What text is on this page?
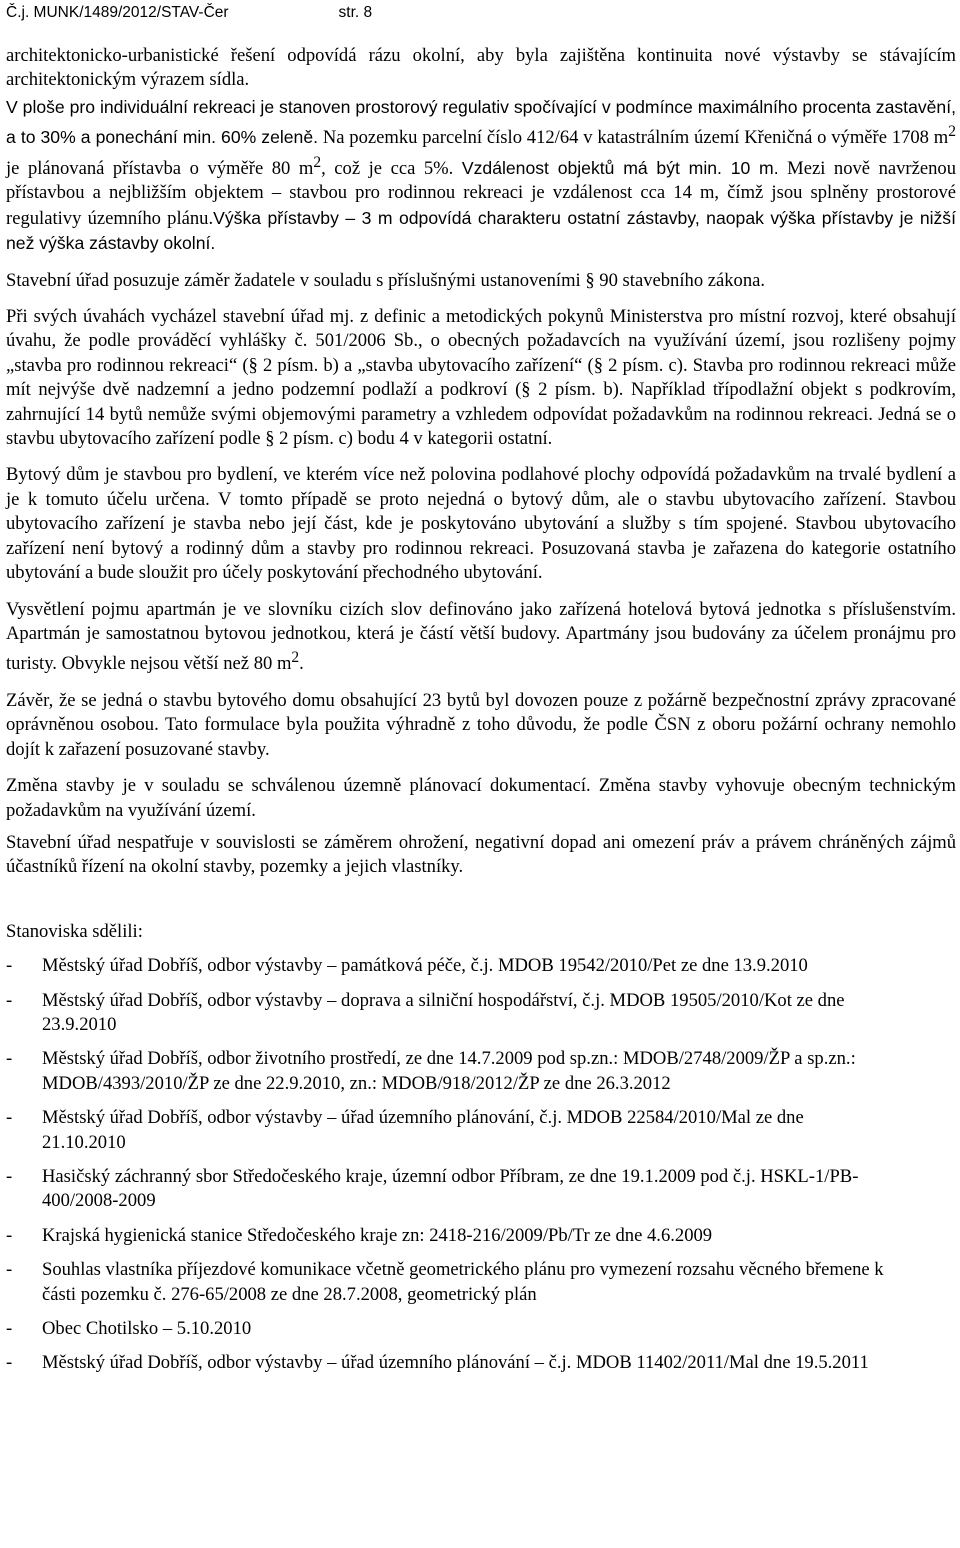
Č.j. MUNK/1489/2012/STAV-Čer	str. 8
architektonicko-urbanistické řešení odpovídá rázu okolní, aby byla zajištěna kontinuita nové výstavby se stávajícím architektonickým výrazem sídla.
V ploše pro individuální rekreaci je stanoven prostorový regulativ spočívající v podmínce maximálního procenta zastavění, a to 30% a ponechání min. 60% zeleně. Na pozemku parcelní číslo 412/64 v katastrálním území Křeničná o výměře 1708 $m^2$ je plánovaná přístavba o výměře 80 $m^2$, což je cca 5%. Vzdálenost objektů má být min. 10 m. Mezi nově navrženou přístavbou a nejbližším objektem – stavbou pro rodinnou rekreaci je vzdálenost cca 14 m, čímž jsou splněny prostorové regulativy územního plánu.Výška přístavby – 3 m odpovídá charakteru ostatní zástavby, naopak výška přístavby je nižší než výška zástavby okolní.
Stavební úřad posuzuje záměr žadatele v souladu s příslušnými ustanoveními § 90 stavebního zákona.
Při svých úvahách vycházel stavební úřad mj. z definic a metodických pokynů Ministerstva pro místní rozvoj, které obsahují úvahu, že podle prováděcí vyhlášky č. 501/2006 Sb., o obecných požadavcích na využívání území, jsou rozlišeny pojmy „stavba pro rodinnou rekreaci“ (§ 2 písm. b) a „stavba ubytovacího zařízení“ (§ 2 písm. c). Stavba pro rodinnou rekreaci může mít nejvýše dvě nadzemní a jedno podzemní podlaží a podkroví (§ 2 písm. b). Například třípodlažní objekt s podkrovím, zahrnující 14 bytů nemůže svými objemovými parametry a vzhledem odpovídat požadavkům na rodinnou rekreaci. Jedná se o stavbu ubytovacího zařízení podle § 2 písm. c) bodu 4 v kategorii ostatní.
Bytový dům je stavbou pro bydlení, ve kterém více než polovina podlahové plochy odpovídá požadavkům na trvalé bydlení a je k tomuto účelu určena. V tomto případě se proto nejedná o bytový dům, ale o stavbu ubytovacího zařízení. Stavbou ubytovacího zařízení je stavba nebo její část, kde je poskytováno ubytování a služby s tím spojené. Stavbou ubytovacího zařízení není bytový a rodinný dům a stavby pro rodinnou rekreaci. Posuzovaná stavba je zařazena do kategorie ostatního ubytování a bude sloužit pro účely poskytování přechodného ubytování.
Vysvětlení pojmu apartmán je ve slovníku cizích slov definováno jako zařízená hotelová bytová jednotka s příslušenstvím. Apartmán je samostatnou bytovou jednotkou, která je částí větší budovy. Apartmány jsou budovány za účelem pronájmu pro turisty. Obvykle nejsou větší než 80 $m^2$.
Závěr, že se jedná o stavbu bytového domu obsahující 23 bytů byl dovozen pouze z požárně bezpečnostní zprávy zpracované oprávněnou osobou. Tato formulace byla použita výhradně z toho důvodu, že podle ČSN z oboru požární ochrany nemohlo dojít k zařazení posuzované stavby.
Změna stavby je v souladu se schválenou územně plánovací dokumentací. Změna stavby vyhovuje obecným technickým požadavkům na využívání území.
Stavební úřad nespatřuje v souvislosti se záměrem ohrožení, negativní dopad ani omezení práv a právem chráněných zájmů účastníků řízení na okolní stavby, pozemky a jejich vlastníky.
Stanoviska sdělili:
- Městský úřad Dobříš, odbor výstavby – památková péče, č.j. MDOB 19542/2010/Pet ze dne 13.9.2010
- Městský úřad Dobříš, odbor výstavby – doprava a silniční hospodářství, č.j. MDOB 19505/2010/Kot ze dne 23.9.2010
- Městský úřad Dobříš, odbor životního prostředí, ze dne 14.7.2009 pod sp.zn.: MDOB/2748/2009/ŽP a sp.zn.: MDOB/4393/2010/ŽP ze dne 22.9.2010, zn.: MDOB/918/2012/ŽP ze dne 26.3.2012
- Městský úřad Dobříš, odbor výstavby – úřad územního plánování, č.j. MDOB 22584/2010/Mal ze dne 21.10.2010
- Hasičský záchranný sbor Středočeského kraje, územní odbor Příbram, ze dne 19.1.2009 pod č.j. HSKL-1/PB-400/2008-2009
- Krajská hygienická stanice Středočeského kraje zn: 2418-216/2009/Pb/Tr ze dne 4.6.2009
- Souhlas vlastníka příjezdové komunikace včetně geometrického plánu pro vymezení rozsahu věcného břemene k části pozemku č. 276-65/2008 ze dne 28.7.2008, geometrický plán
- Obec Chotilsko – 5.10.2010
- Městský úřad Dobříš, odbor výstavby – úřad územního plánování – č.j. MDOB 11402/2011/Mal dne 19.5.2011
